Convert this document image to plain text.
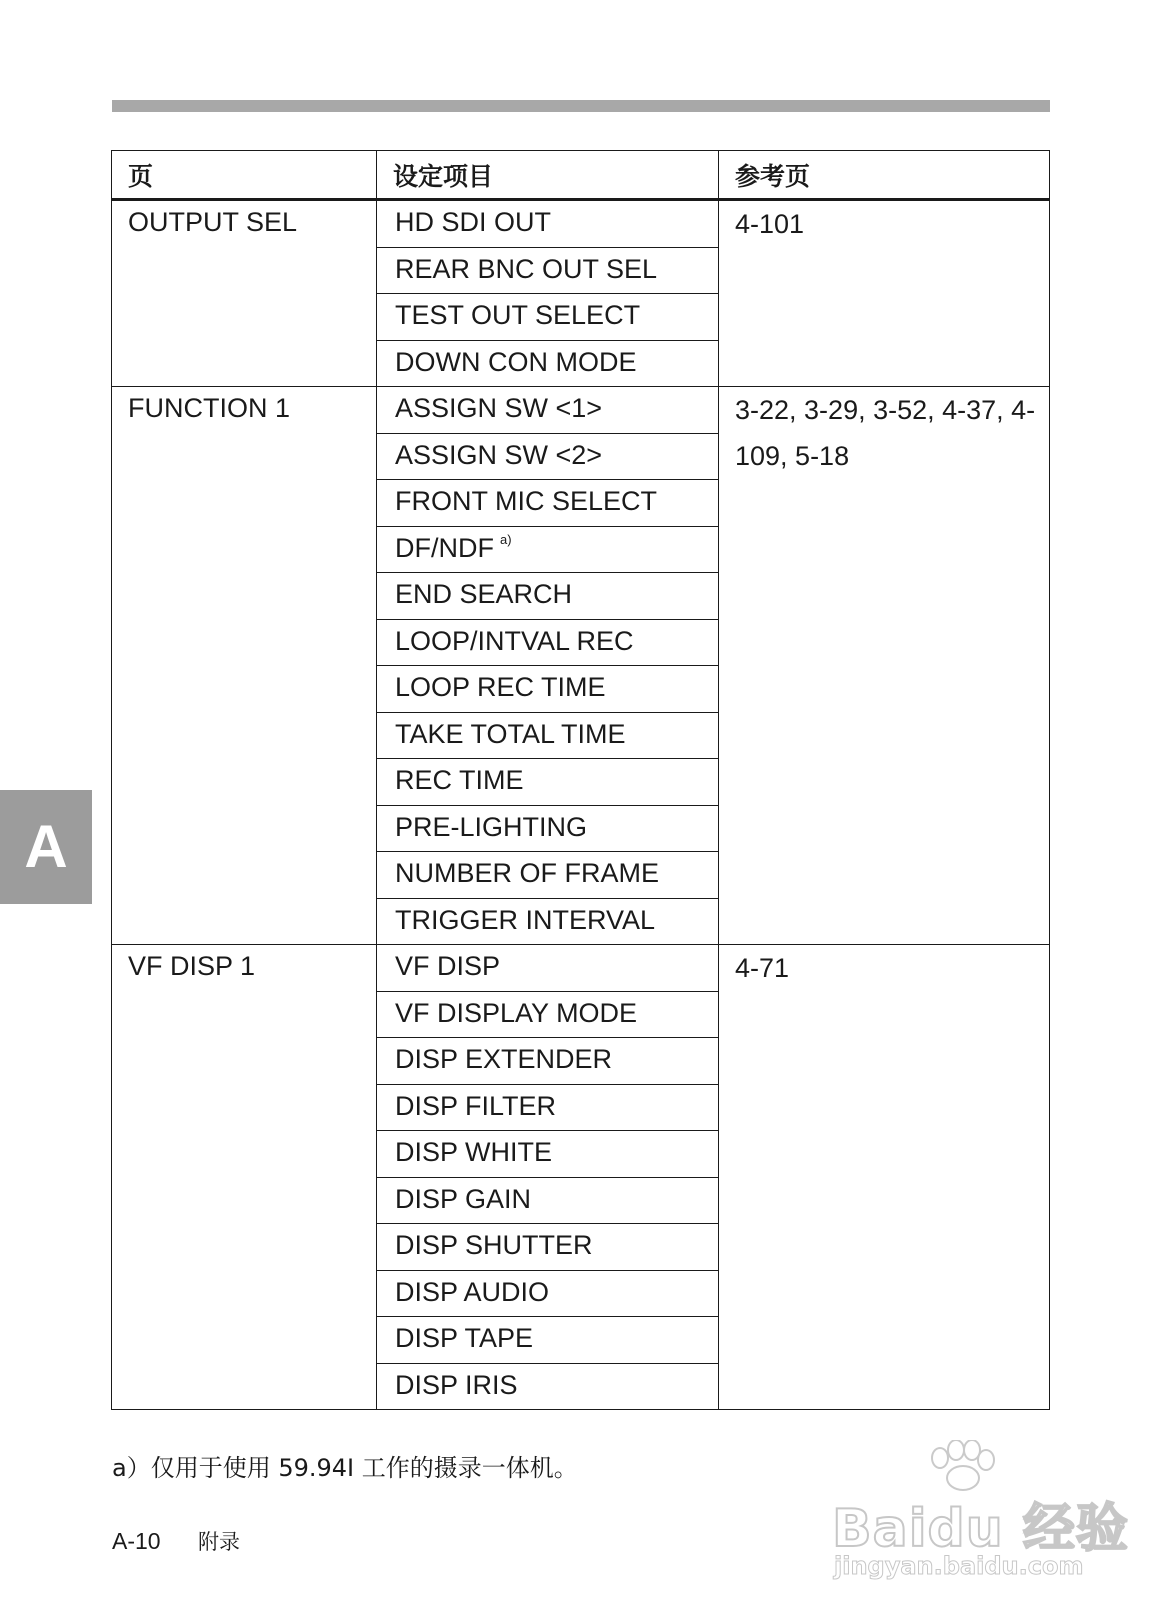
A
页	设定项目	参考页
OUTPUT SEL	HD SDI OUT	4-101
	REAR BNC OUT SEL	
	TEST OUT SELECT	
	DOWN CON MODE	
FUNCTION 1	ASSIGN SW <1>	3-22, 3-29, 3-52, 4-37, 4-109, 5-18
	ASSIGN SW <2>	
	FRONT MIC SELECT	
	DF/NDF $^{a)}$
	END SEARCH	
	LOOP/INTVAL REC	
	LOOP REC TIME	
	TAKE TOTAL TIME	
	REC TIME	
	PRE-LIGHTING	
	NUMBER OF FRAME	
	TRIGGER INTERVAL	
VF DISP 1	VF DISP	4-71
	VF DISPLAY MODE	
	DISP EXTENDER	
	DISP FILTER	
	DISP WHITE	
	DISP GAIN	
	DISP SHUTTER	
	DISP AUDIO	
	DISP TAPE	
	DISP IRIS	
a）仅用于使用 59.94I 工作的摄录一体机。
A-10 附录	Baidu 经验
jingyan.baidu.com
